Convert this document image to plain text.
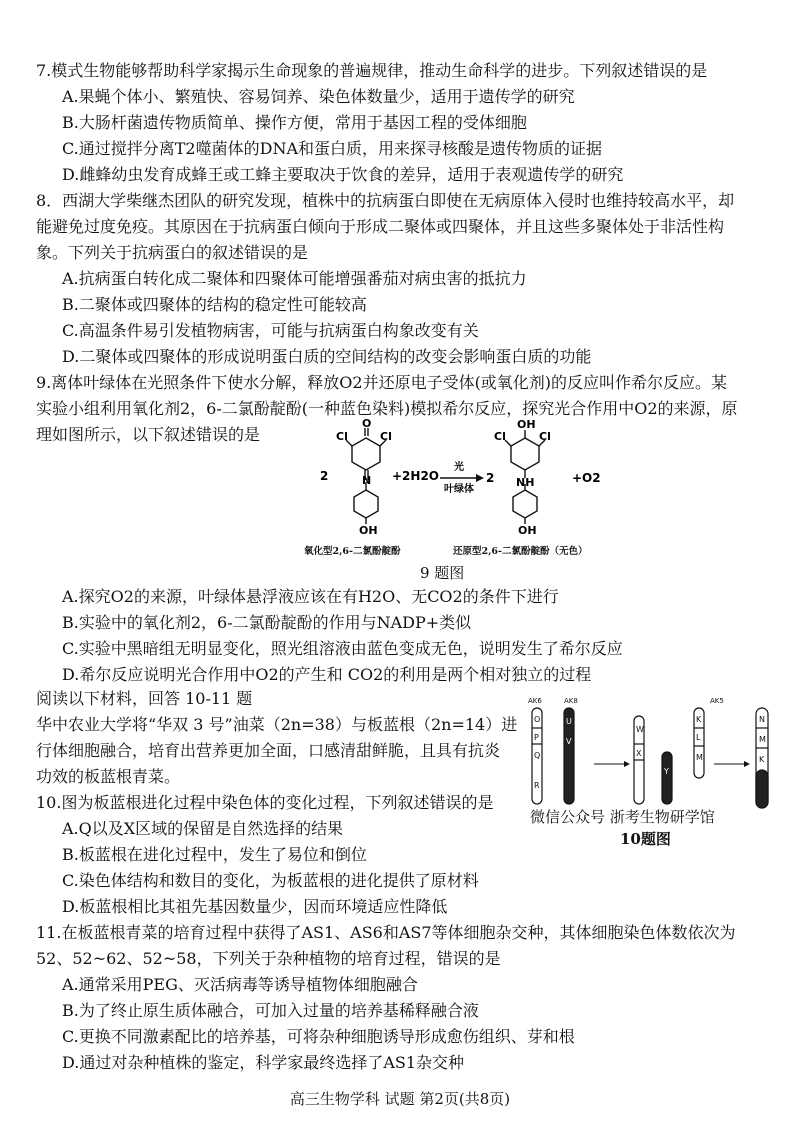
7.模式生物能够帮助科学家揭示生命现象的普遍规律，推动生命科学的进步。下列叙述错误的是
A.果蝇个体小、繁殖快、容易饲养、染色体数量少，适用于遗传学的研究
B.大肠杆菌遗传物质简单、操作方便，常用于基因工程的受体细胞
C.通过搅拌分离T2噬菌体的DNA和蛋白质，用来探寻核酸是遗传物质的证据
D.雌蜂幼虫发育成蜂王或工蜂主要取决于饮食的差异，适用于表观遗传学的研究
8．西湖大学柴继杰团队的研究发现，植株中的抗病蛋白即使在无病原体入侵时也维持较高水平，却
能避免过度免疫。其原因在于抗病蛋白倾向于形成二聚体或四聚体，并且这些多聚体处于非活性构
象。下列关于抗病蛋白的叙述错误的是
A.抗病蛋白转化成二聚体和四聚体可能增强番茄对病虫害的抵抗力
B.二聚体或四聚体的结构的稳定性可能较高
C.高温条件易引发植物病害，可能与抗病蛋白构象改变有关
D.二聚体或四聚体的形成说明蛋白质的空间结构的改变会影响蛋白质的功能
9.离体叶绿体在光照条件下使水分解，释放O2并还原电子受体(或氧化剂)的反应叫作希尔反应。某
实验小组利用氧化剂2，6-二氯酚靛酚(一种蓝色染料)模拟希尔反应，探究光合作用中O2的来源，原
理如图所示，以下叙述错误的是
O
Cl
Cl
N
OH
2	+2H2O
光
叶绿体
2
OH
Cl
Cl
NH
OH
+O2
氧化型2,6-二氯酚靛酚	还原型2,6-二氯酚靛酚（无色）
9 题图
A.探究O2的来源，叶绿体悬浮液应该在有H2O、无CO2的条件下进行
B.实验中的氧化剂2，6-二氯酚靛酚的作用与NADP+类似
C.实验中黑暗组无明显变化，照光组溶液由蓝色变成无色，说明发生了希尔反应
D.希尔反应说明光合作用中O2的产生和 CO2的利用是两个相对独立的过程
阅读以下材料，回答 10-11 题
华中农业大学将“华双 3 号”油菜（2n=38）与板蓝根（2n=14）进
行体细胞融合，培育出营养更加全面，口感清甜鲜脆，且具有抗炎
功效的板蓝根青菜。
AK6	AK8	AK5
O
P
Q
R
U
V
W
X
Y
K
L
M
N
M
K
微信公众号 浙考生物研学馆
10题图
10.图为板蓝根进化过程中染色体的变化过程，下列叙述错误的是
A.Q以及X区域的保留是自然选择的结果
B.板蓝根在进化过程中，发生了易位和倒位
C.染色体结构和数目的变化，为板蓝根的进化提供了原材料
D.板蓝根相比其祖先基因数量少，因而环境适应性降低
11.在板蓝根青菜的培育过程中获得了AS1、AS6和AS7等体细胞杂交种，其体细胞染色体数依次为
52、52~62、52~58，下列关于杂种植物的培育过程，错误的是
A.通常采用PEG、灭活病毒等诱导植物体细胞融合
B.为了终止原生质体融合，可加入过量的培养基稀释融合液
C.更换不同激素配比的培养基，可将杂种细胞诱导形成愈伤组织、芽和根
D.通过对杂种植株的鉴定，科学家最终选择了AS1杂交种
高三生物学科 试题 第2页(共8页)
